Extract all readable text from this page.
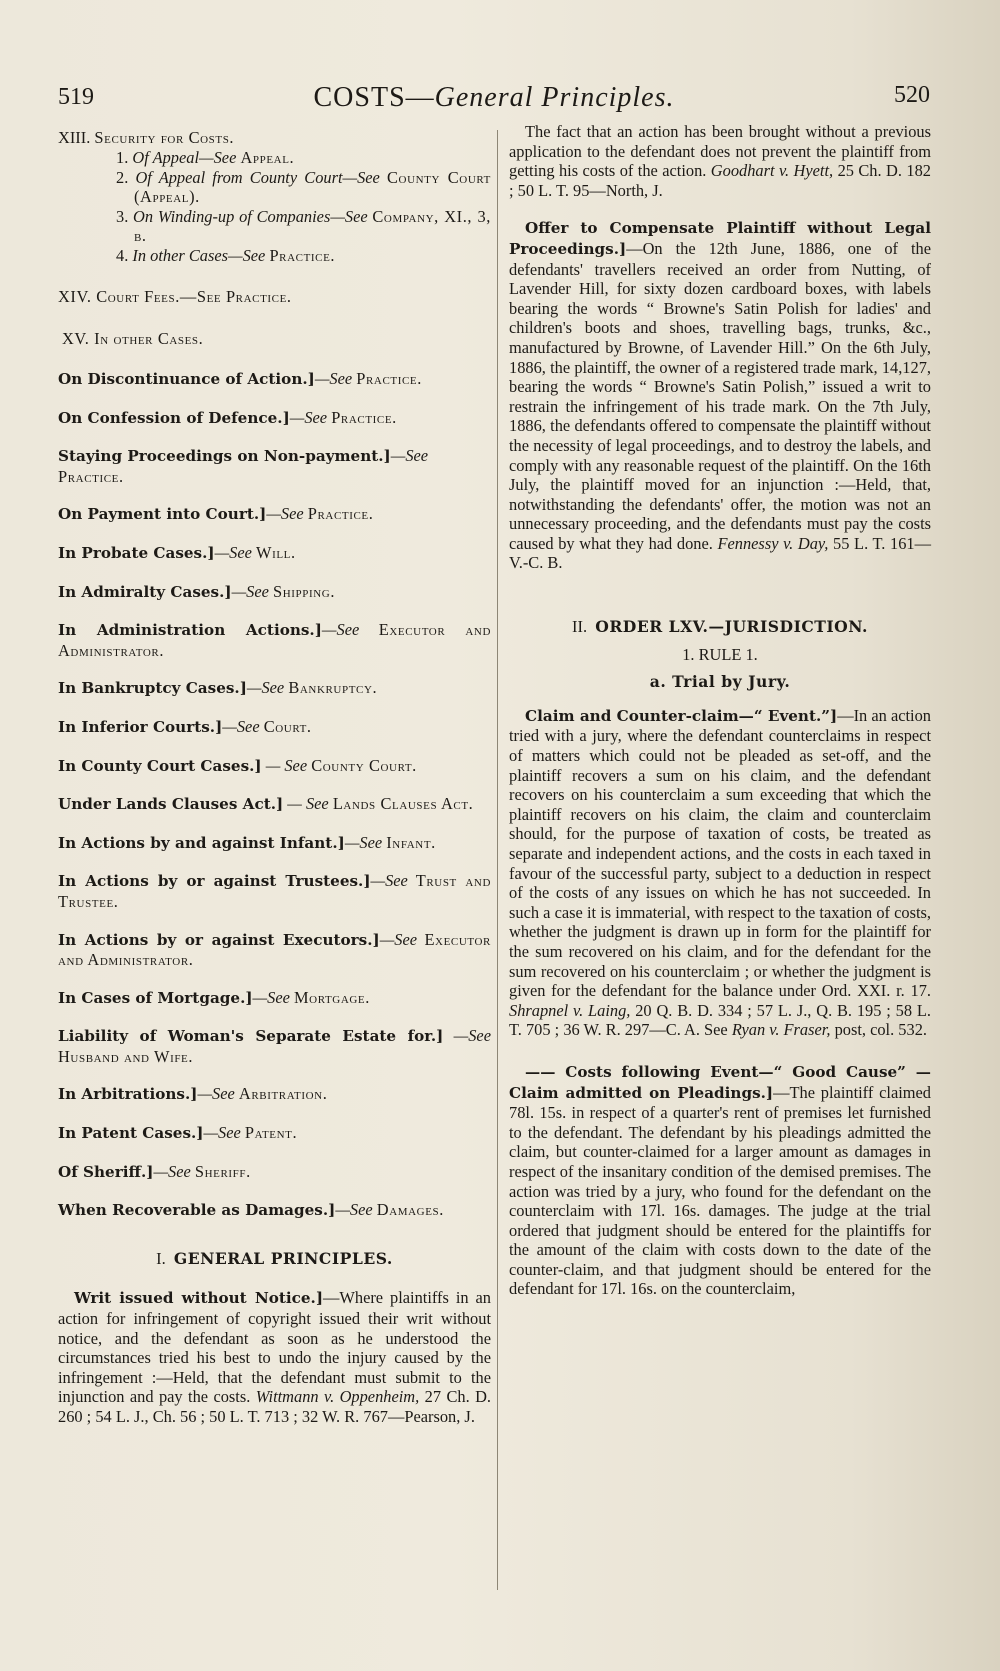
519	COSTS—General Principles.	520

XIII. Security for Costs.

1. Of Appeal—See Appeal.

2. Of Appeal from County Court—See County Court (Appeal).

3. On Winding-up of Companies—See Company, XI., 3, b.

4. In other Cases—See Practice.

XIV. Court Fees.—See Practice.

XV. In other Cases.

On Discontinuance of Action.]—See Practice.

On Confession of Defence.]—See Practice.

Staying Proceedings on Non-payment.]—See Practice.

On Payment into Court.]—See Practice.

In Probate Cases.]—See Will.

In Admiralty Cases.]—See Shipping.

In Administration Actions.]—See Executor and Administrator.

In Bankruptcy Cases.]—See Bankruptcy.

In Inferior Courts.]—See Court.

In County Court Cases.] — See County Court.

Under Lands Clauses Act.] — See Lands Clauses Act.

In Actions by and against Infant.]—See Infant.

In Actions by or against Trustees.]—See Trust and Trustee.

In Actions by or against Executors.]—See Executor and Administrator.

In Cases of Mortgage.]—See Mortgage.

Liability of Woman's Separate Estate for.] —See Husband and Wife.

In Arbitrations.]—See Arbitration.

In Patent Cases.]—See Patent.

Of Sheriff.]—See Sheriff.

When Recoverable as Damages.]—See Damages.

I. GENERAL PRINCIPLES.

Writ issued without Notice.]—Where plaintiffs in an action for infringement of copyright issued their writ without notice, and the defendant as soon as he understood the circumstances tried his best to undo the injury caused by the infringement :—Held, that the defendant must submit to the injunction and pay the costs. Wittmann v. Oppenheim, 27 Ch. D. 260 ; 54 L. J., Ch. 56 ; 50 L. T. 713 ; 32 W. R. 767—Pearson, J.

The fact that an action has been brought without a previous application to the defendant does not prevent the plaintiff from getting his costs of the action. Goodhart v. Hyett, 25 Ch. D. 182 ; 50 L. T. 95—North, J.

Offer to Compensate Plaintiff without Legal Proceedings.]—On the 12th June, 1886, one of the defendants' travellers received an order from Nutting, of Lavender Hill, for sixty dozen cardboard boxes, with labels bearing the words “ Browne's Satin Polish for ladies' and children's boots and shoes, travelling bags, trunks, &c., manufactured by Browne, of Lavender Hill.” On the 6th July, 1886, the plaintiff, the owner of a registered trade mark, 14,127, bearing the words “ Browne's Satin Polish,” issued a writ to restrain the infringement of his trade mark. On the 7th July, 1886, the defendants offered to compensate the plaintiff without the necessity of legal proceedings, and to destroy the labels, and comply with any reasonable request of the plaintiff. On the 16th July, the plaintiff moved for an injunction :—Held, that, notwithstanding the defendants' offer, the motion was not an unnecessary proceeding, and the defendants must pay the costs caused by what they had done. Fennessy v. Day, 55 L. T. 161—V.-C. B.

II. ORDER LXV.—JURISDICTION.

1. RULE 1.

a. Trial by Jury.

Claim and Counter-claim—“ Event.”]—In an action tried with a jury, where the defendant counterclaims in respect of matters which could not be pleaded as set-off, and the plaintiff recovers a sum on his claim, and the defendant recovers on his counterclaim a sum exceeding that which the plaintiff recovers on his claim, the claim and counterclaim should, for the purpose of taxation of costs, be treated as separate and independent actions, and the costs in each taxed in favour of the successful party, subject to a deduction in respect of the costs of any issues on which he has not succeeded. In such a case it is immaterial, with respect to the taxation of costs, whether the judgment is drawn up in form for the plaintiff for the sum recovered on his claim, and for the defendant for the sum recovered on his counterclaim ; or whether the judgment is given for the defendant for the balance under Ord. XXI. r. 17. Shrapnel v. Laing, 20 Q. B. D. 334 ; 57 L. J., Q. B. 195 ; 58 L. T. 705 ; 36 W. R. 297—C. A. See Ryan v. Fraser, post, col. 532.

—— Costs following Event—“ Good Cause” —Claim admitted on Pleadings.]—The plaintiff claimed 78l. 15s. in respect of a quarter's rent of premises let furnished to the defendant. The defendant by his pleadings admitted the claim, but counter-claimed for a larger amount as damages in respect of the insanitary condition of the demised premises. The action was tried by a jury, who found for the defendant on the counterclaim with 17l. 16s. damages. The judge at the trial ordered that judgment should be entered for the plaintiffs for the amount of the claim with costs down to the date of the counter-claim, and that judgment should be entered for the defendant for 17l. 16s. on the counterclaim,
